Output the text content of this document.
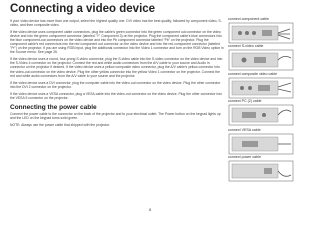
Connecting a video device

If your video device has more than one output, select the highest quality one. DVI video has the best quality, followed by component video, S-video, and then composite video.

If the video device uses component cable connectors, plug the cable's green connector into the green component out connector on the video device and into the green component connector (labeled "Y" Component 3) on the projector. Plug the component cable's blue connectors into the blue component-out connectors on the video device and into the Pb component connector labeled "Pb" on the projector. Plug the component cable's red connectors into the red component out connector on the video device and into the red component connector (labeled "Pr") on the projector. If you are using RGB input, plug the additional connector into the Video 1 connector and turn on the RGB Video option in the Source menu. See page 26.

If the video device uses a round, four-prong S-video connector, plug the S-video cable into the S-video connector on the video device and into the S-Video 4 connector on the projector. Connect the red and white audio connectors from the A/V cable to your source and Audio In connector on the projector if desired. If the video device uses a yellow composite video connector, plug the A/V cable's yellow connector into the video-out connector on the video device. Plug the other yellow connector into the yellow Video 1 connector on the projector. Connect the red and white audio connectors from the A/V cable to your source and the projector.

If the video device uses a DVI connector, plug the computer cable into the video-out connector on the video device. Plug the other connector into the DVI 2 connector on the projector.

If the video device uses a VESA connector, plug a VESA cable into the video-out connector on the video device. Plug the other connector into the VESA 5 connector on the projector.

Connecting the power cable

Connect the power cable to the connector on the back of the projector and to your electrical outlet. The Power button on the keypad lights up and the LED on the keypad turns solid green.

NOTE: Always use the power cable that shipped with the projector.

connect component cable
connect S-video cable
connect composite video cable
connect PC (2) cable
connect VESA cable
connect power cable
8
